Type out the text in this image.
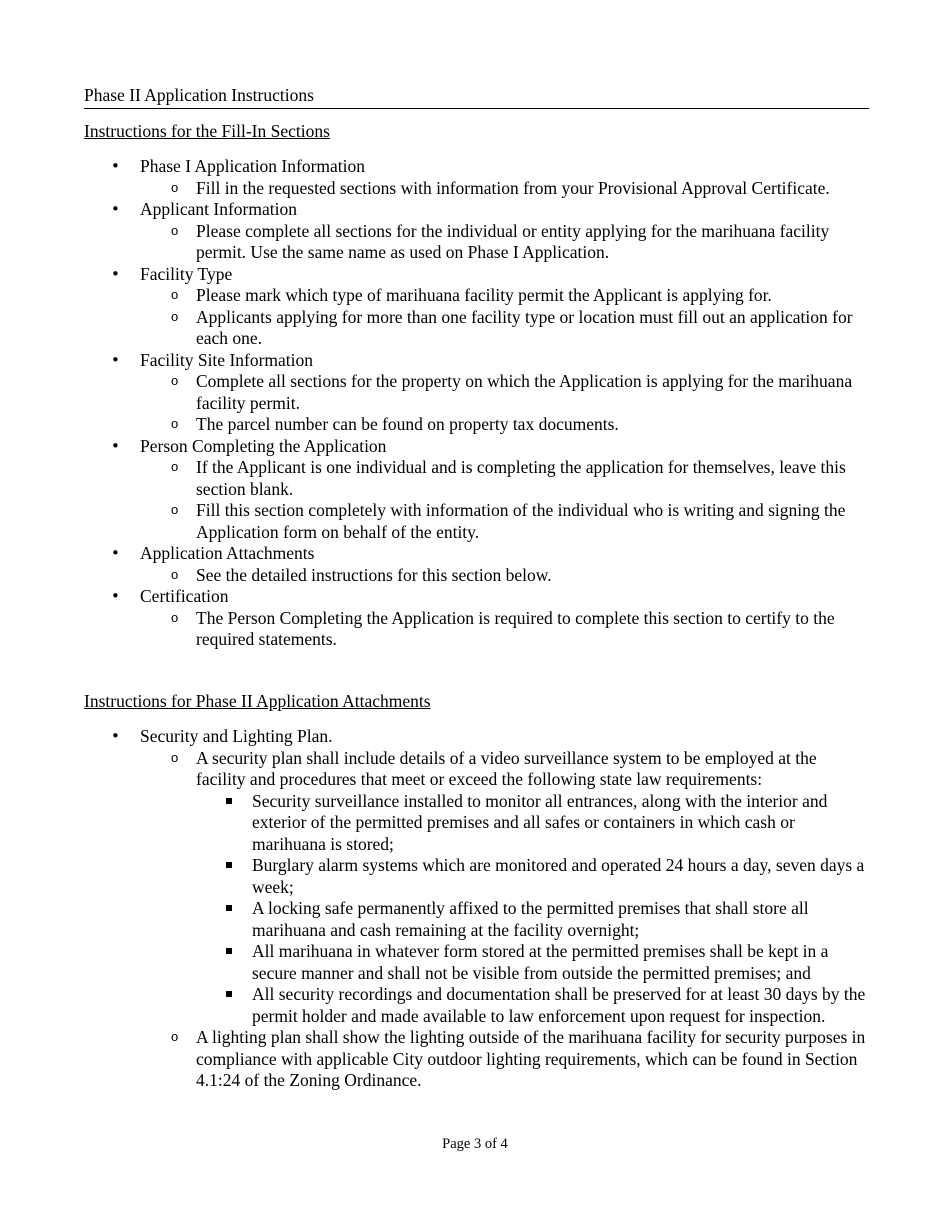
Phase II Application Instructions
Instructions for the Fill-In Sections
• Phase I Application Information
o Fill in the requested sections with information from your Provisional Approval Certificate.
• Applicant Information
o Please complete all sections for the individual or entity applying for the marihuana facility permit. Use the same name as used on Phase I Application.
• Facility Type
o Please mark which type of marihuana facility permit the Applicant is applying for.
o Applicants applying for more than one facility type or location must fill out an application for each one.
• Facility Site Information
o Complete all sections for the property on which the Application is applying for the marihuana facility permit.
o The parcel number can be found on property tax documents.
• Person Completing the Application
o If the Applicant is one individual and is completing the application for themselves, leave this section blank.
o Fill this section completely with information of the individual who is writing and signing the Application form on behalf of the entity.
• Application Attachments
o See the detailed instructions for this section below.
• Certification
o The Person Completing the Application is required to complete this section to certify to the required statements.
Instructions for Phase II Application Attachments
• Security and Lighting Plan.
o A security plan shall include details of a video surveillance system to be employed at the facility and procedures that meet or exceed the following state law requirements:
Security surveillance installed to monitor all entrances, along with the interior and exterior of the permitted premises and all safes or containers in which cash or marihuana is stored;
Burglary alarm systems which are monitored and operated 24 hours a day, seven days a week;
A locking safe permanently affixed to the permitted premises that shall store all marihuana and cash remaining at the facility overnight;
All marihuana in whatever form stored at the permitted premises shall be kept in a secure manner and shall not be visible from outside the permitted premises; and
All security recordings and documentation shall be preserved for at least 30 days by the permit holder and made available to law enforcement upon request for inspection.
o A lighting plan shall show the lighting outside of the marihuana facility for security purposes in compliance with applicable City outdoor lighting requirements, which can be found in Section 4.1:24 of the Zoning Ordinance.
Page 3 of 4
